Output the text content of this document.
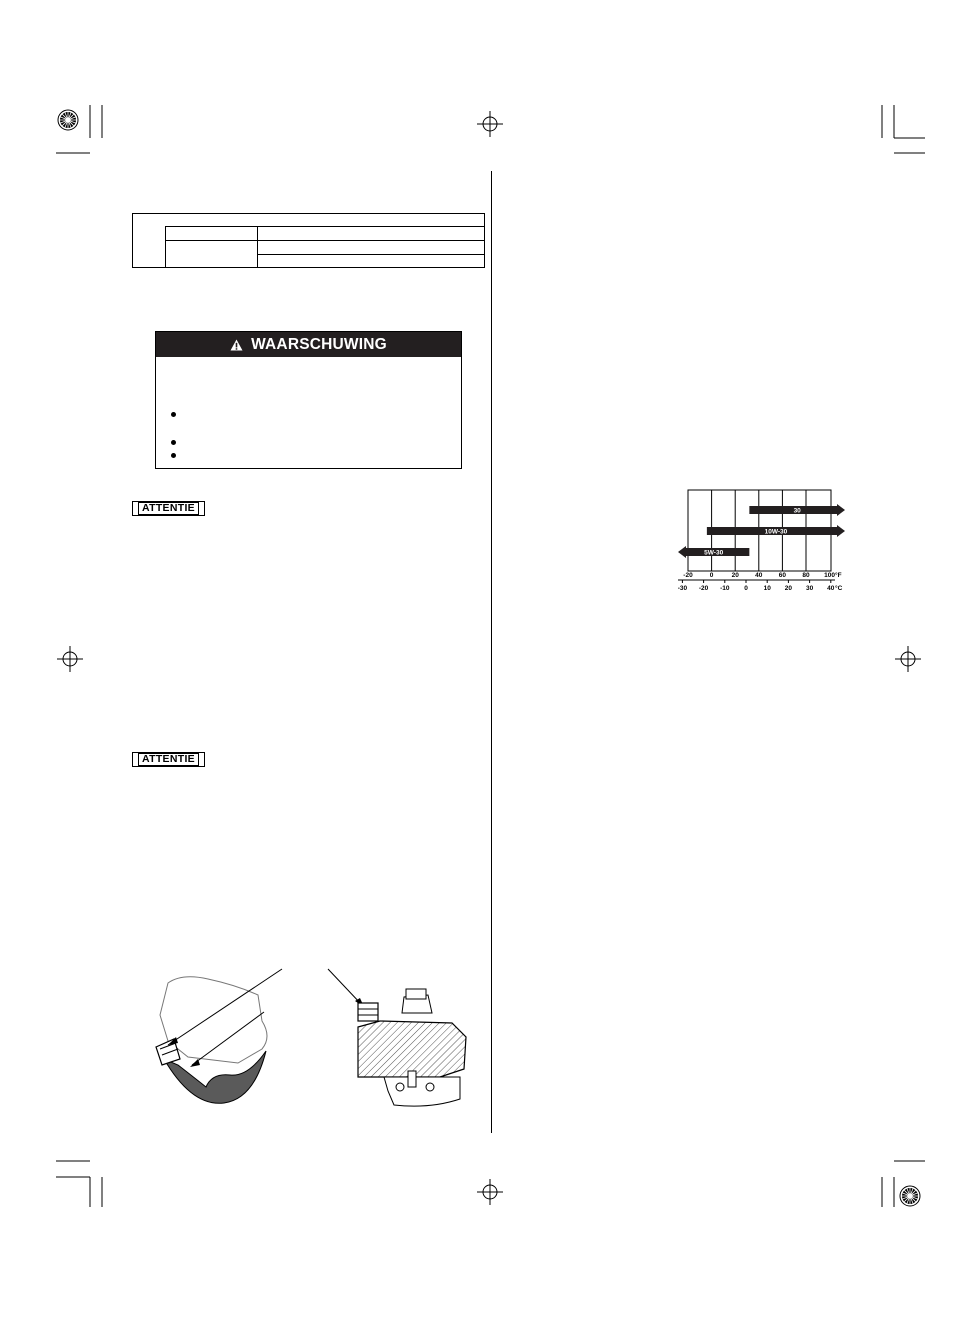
WAARSCHUWING
ATTENTIE
ATTENTIE
-20	0	20	40	60	80 100 °F
-30 -20 -10 0 10 20 30 40 °C
30
10W-30
5W-30
